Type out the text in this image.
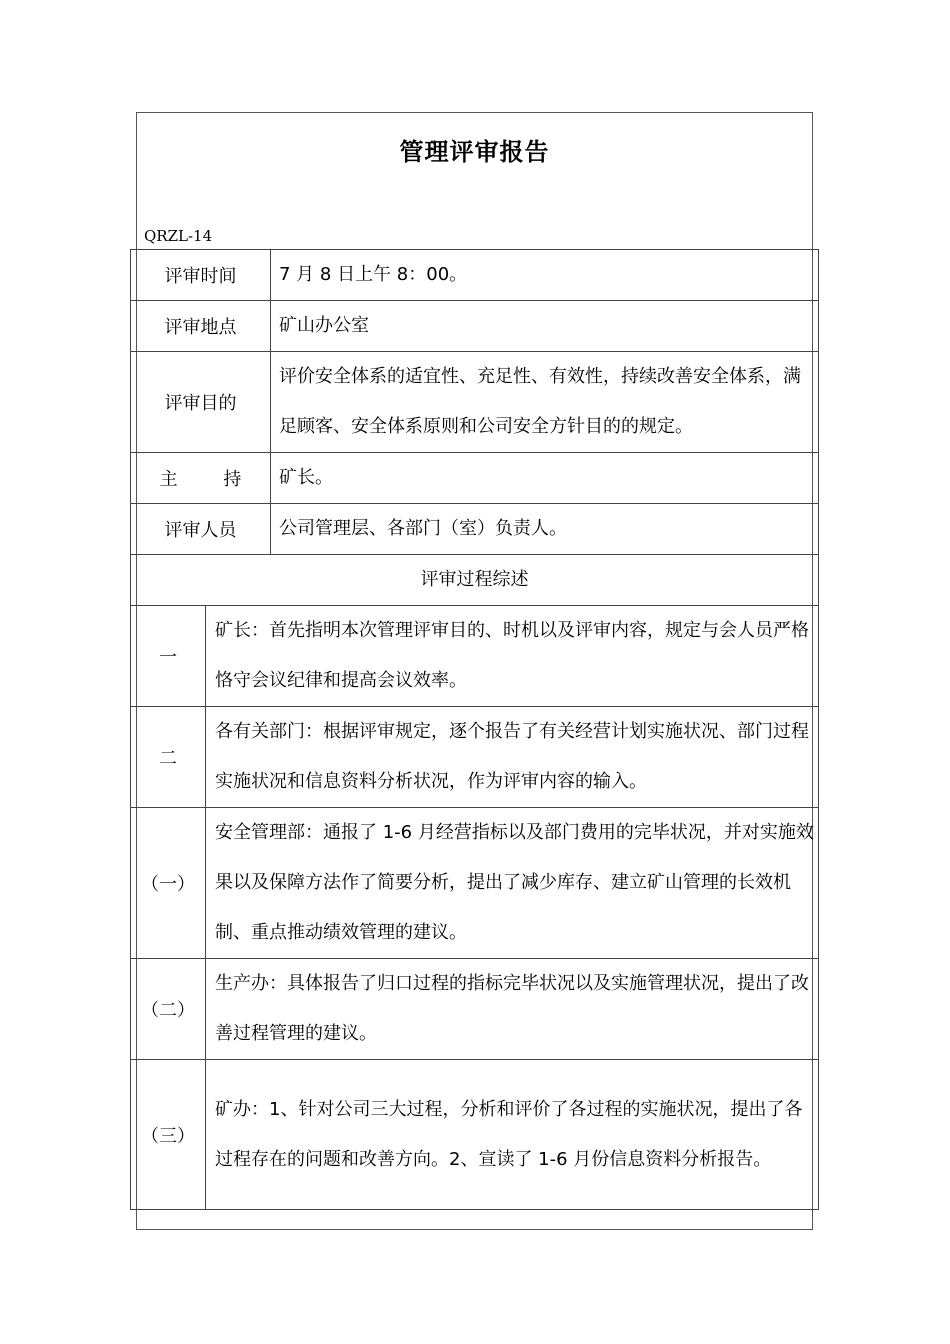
管理评审报告
QRZL-14
评审时间		7 月 8 日上午 8：00。
评审地点		矿山办公室
评审目的		评价安全体系的适宜性、充足性、有效性，持续改善安全体系，满足顾客、安全体系原则和公司安全方针目的的规定。
主 持		矿长。
评审人员		公司管理层、各部门（室）负责人。
评审过程综述		
一	矿长：首先指明本次管理评审目的、时机以及评审内容，规定与会人员严格恪守会议纪律和提高会议效率。	
二	各有关部门：根据评审规定，逐个报告了有关经营计划实施状况、部门过程实施状况和信息资料分析状况，作为评审内容的输入。	
（一）	安全管理部：通报了 1-6 月经营指标以及部门费用的完毕状况，并对实施效果以及保障方法作了简要分析，提出了减少库存、建立矿山管理的长效机制、重点推动绩效管理的建议。	
（二）	生产办：具体报告了归口过程的指标完毕状况以及实施管理状况，提出了改善过程管理的建议。	
（三）	矿办：1、针对公司三大过程，分析和评价了各过程的实施状况，提出了各过程存在的问题和改善方向。2、宣读了 1-6 月份信息资料分析报告。	
